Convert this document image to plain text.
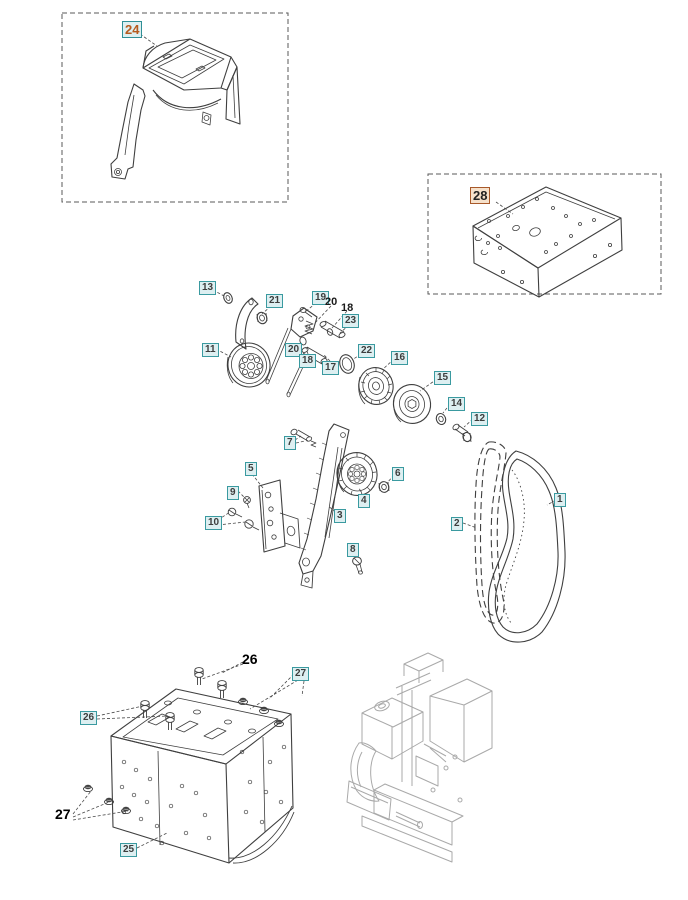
24
28
13
21	19
20 18
23
11	20
18
17
22
16
15
14
12
7
5
9
10
6
4
3
8
2
1
26
27
26
27
25
